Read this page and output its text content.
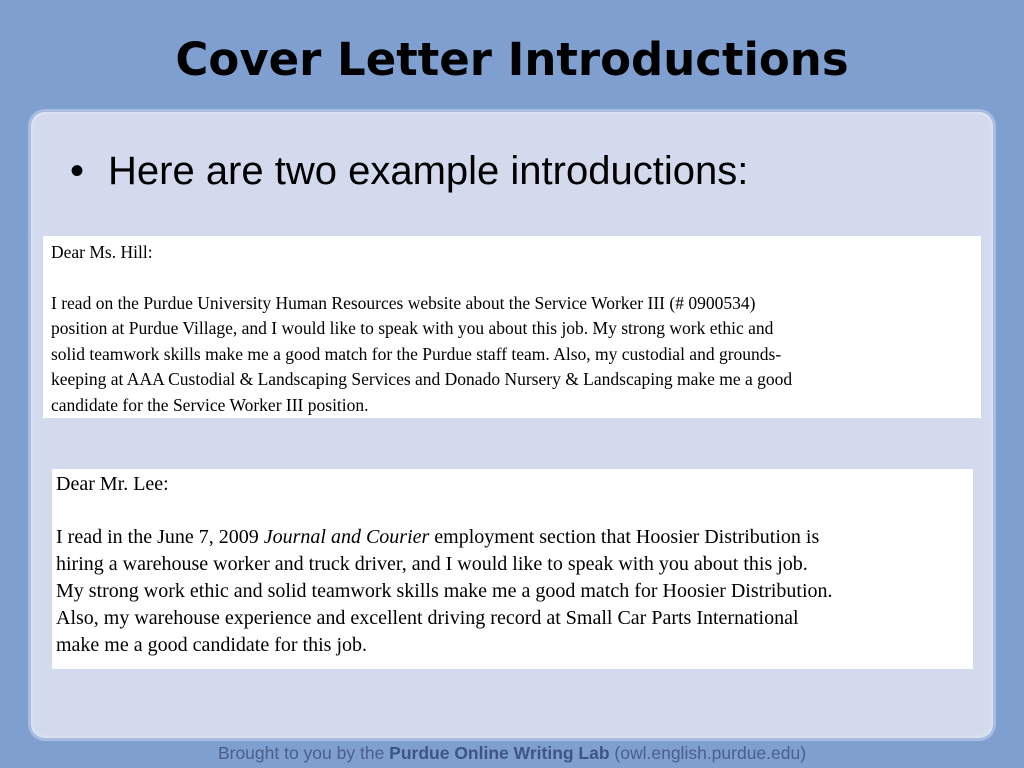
Cover Letter Introductions
• Here are two example introductions:
Dear Ms. Hill:
I read on the Purdue University Human Resources website about the Service Worker III (# 0900534)
position at Purdue Village, and I would like to speak with you about this job. My strong work ethic and
solid teamwork skills make me a good match for the Purdue staff team. Also, my custodial and grounds-
keeping at AAA Custodial & Landscaping Services and Donado Nursery & Landscaping make me a good
candidate for the Service Worker III position.
Dear Mr. Lee:
I read in the June 7, 2009 Journal and Courier employment section that Hoosier Distribution is
hiring a warehouse worker and truck driver, and I would like to speak with you about this job.
My strong work ethic and solid teamwork skills make me a good match for Hoosier Distribution.
Also, my warehouse experience and excellent driving record at Small Car Parts International
make me a good candidate for this job.
Brought to you by the Purdue Online Writing Lab (owl.english.purdue.edu)
